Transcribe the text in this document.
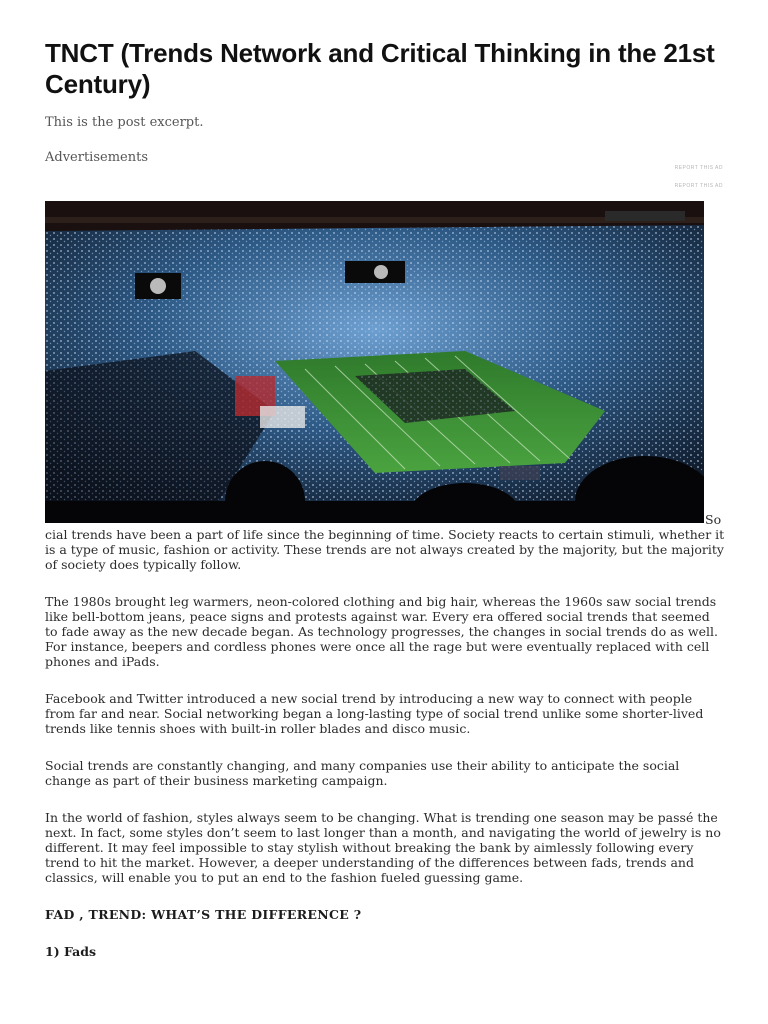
TNCT (Trends Network and Critical Thinking in the 21st Century)

This is the post excerpt.

Advertisements

REPORT THIS AD
REPORT THIS AD
So

cial trends have been a part of life since the beginning of time. Society reacts to certain stimuli, whether it is a type of music, fashion or activity. These trends are not always created by the majority, but the majority of society does typically follow.

The 1980s brought leg warmers, neon-colored clothing and big hair, whereas the 1960s saw social trends like bell-bottom jeans, peace signs and protests against war. Every era offered social trends that seemed to fade away as the new decade began. As technology progresses, the changes in social trends do as well. For instance, beepers and cordless phones were once all the rage but were eventually replaced with cell phones and iPads.

Facebook and Twitter introduced a new social trend by introducing a new way to connect with people from far and near. Social networking began a long-lasting type of social trend unlike some shorter-lived trends like tennis shoes with built-in roller blades and disco music.

Social trends are constantly changing, and many companies use their ability to anticipate the social change as part of their business marketing campaign.

In the world of fashion, styles always seem to be changing. What is trending one season may be passé the next. In fact, some styles don’t seem to last longer than a month, and navigating the world of jewelry is no different. It may feel impossible to stay stylish without breaking the bank by aimlessly following every trend to hit the market. However, a deeper understanding of the differences between fads, trends and classics, will enable you to put an end to the fashion fueled guessing game.

FAD , TREND: WHAT’S THE DIFFERENCE ?

1) Fads
